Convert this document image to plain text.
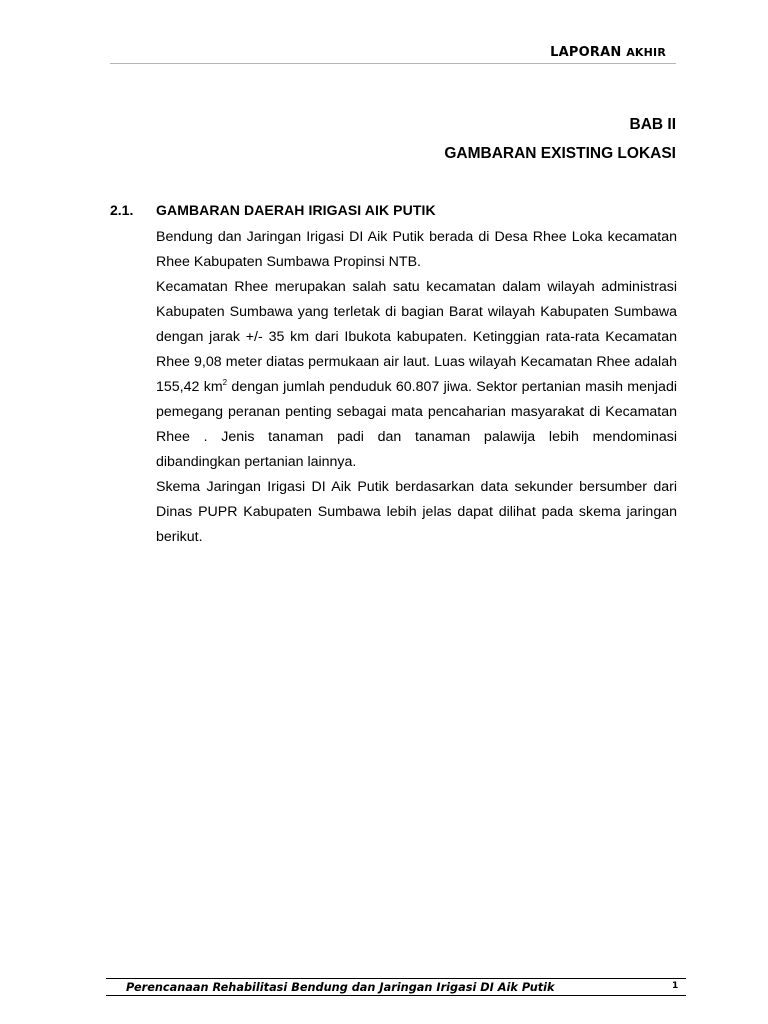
LAPORAN AKHIR
BAB II
GAMBARAN EXISTING LOKASI
2.1. GAMBARAN DAERAH IRIGASI AIK PUTIK

Bendung dan Jaringan Irigasi DI Aik Putik berada di Desa Rhee Loka kecamatan Rhee Kabupaten Sumbawa Propinsi NTB.

Kecamatan Rhee merupakan salah satu kecamatan dalam wilayah administrasi Kabupaten Sumbawa yang terletak di bagian Barat wilayah Kabupaten Sumbawa dengan jarak +/- 35 km dari Ibukota kabupaten. Ketinggian rata-rata Kecamatan Rhee 9,08 meter diatas permukaan air laut. Luas wilayah Kecamatan Rhee adalah 155,42 $km^2$ dengan jumlah penduduk 60.807 jiwa. Sektor pertanian masih menjadi pemegang peranan penting sebagai mata pencaharian masyarakat di Kecamatan Rhee . Jenis tanaman padi dan tanaman palawija lebih mendominasi dibandingkan pertanian lainnya.

Skema Jaringan Irigasi DI Aik Putik berdasarkan data sekunder bersumber dari Dinas PUPR Kabupaten Sumbawa lebih jelas dapat dilihat pada skema jaringan berikut.

Perencanaan Rehabilitasi Bendung dan Jaringan Irigasi DI Aik Putik	1
